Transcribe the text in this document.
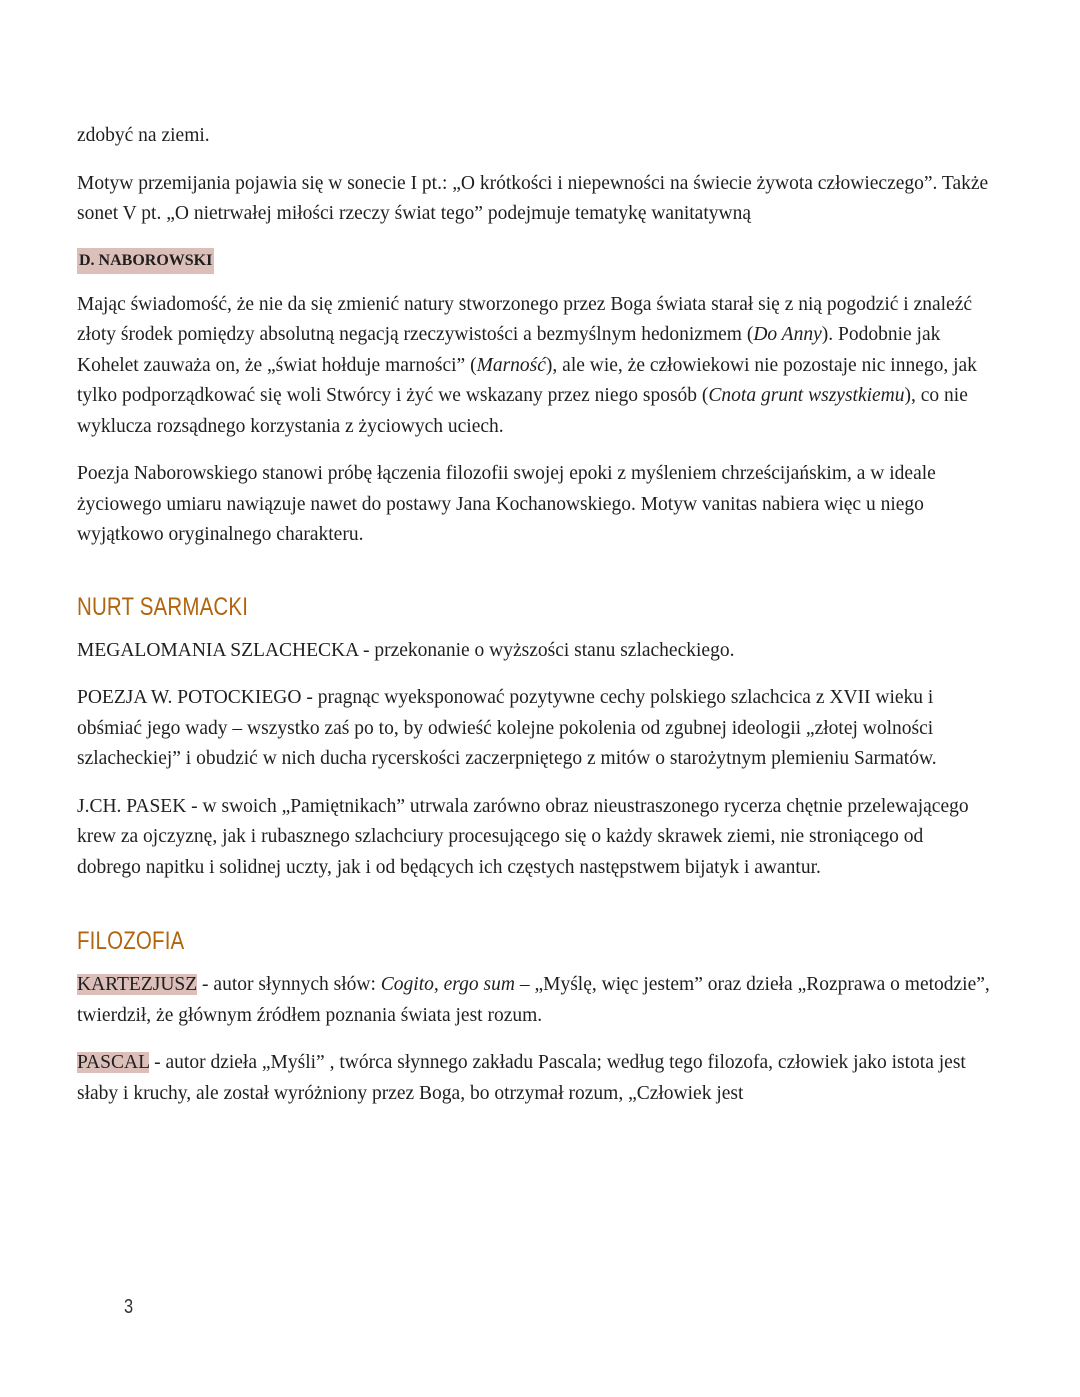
zdobyć na ziemi.

Motyw przemijania pojawia się w sonecie I pt.: „O krótkości i niepewności na świecie żywota człowieczego”. Także sonet V pt. „O nietrwałej miłości rzeczy świat tego” podejmuje tematykę wanitatywną

D. NABOROWSKI

Mając świadomość, że nie da się zmienić natury stworzonego przez Boga świata starał się z nią pogodzić i znaleźć złoty środek pomiędzy absolutną negacją rzeczywistości a bezmyślnym hedonizmem (Do Anny). Podobnie jak Kohelet zauważa on, że „świat hołduje marności” (Marność), ale wie, że człowiekowi nie pozostaje nic innego, jak tylko podporządkować się woli Stwórcy i żyć we wskazany przez niego sposób (Cnota grunt wszystkiemu), co nie wyklucza rozsądnego korzystania z życiowych uciech.

Poezja Naborowskiego stanowi próbę łączenia filozofii swojej epoki z myśleniem chrześcijańskim, a w ideale życiowego umiaru nawiązuje nawet do postawy Jana Kochanowskiego. Motyw vanitas nabiera więc u niego wyjątkowo oryginalnego charakteru.

NURT SARMACKI

MEGALOMANIA SZLACHECKA - przekonanie o wyższości stanu szlacheckiego.

POEZJA W. POTOCKIEGO - pragnąc wyeksponować pozytywne cechy polskiego szlachcica z XVII wieku i obśmiać jego wady – wszystko zaś po to, by odwieść kolejne pokolenia od zgubnej ideologii „złotej wolności szlacheckiej” i obudzić w nich ducha rycerskości zaczerpniętego z mitów o starożytnym plemieniu Sarmatów.

J.CH. PASEK - w swoich „Pamiętnikach” utrwala zarówno obraz nieustraszonego rycerza chętnie przelewającego krew za ojczyznę, jak i rubasznego szlachciury procesującego się o każdy skrawek ziemi, nie stroniącego od dobrego napitku i solidnej uczty, jak i od będących ich częstych następstwem bijatyk i awantur.

FILOZOFIA

KARTEZJUSZ - autor słynnych słów: Cogito, ergo sum – „Myślę, więc jestem” oraz dzieła „Rozprawa o metodzie”, twierdził, że głównym źródłem poznania świata jest rozum.

PASCAL - autor dzieła „Myśli” , twórca słynnego zakładu Pascala; według tego filozofa, człowiek jako istota jest słaby i kruchy, ale został wyróżniony przez Boga, bo otrzymał rozum, „Człowiek jest

3
